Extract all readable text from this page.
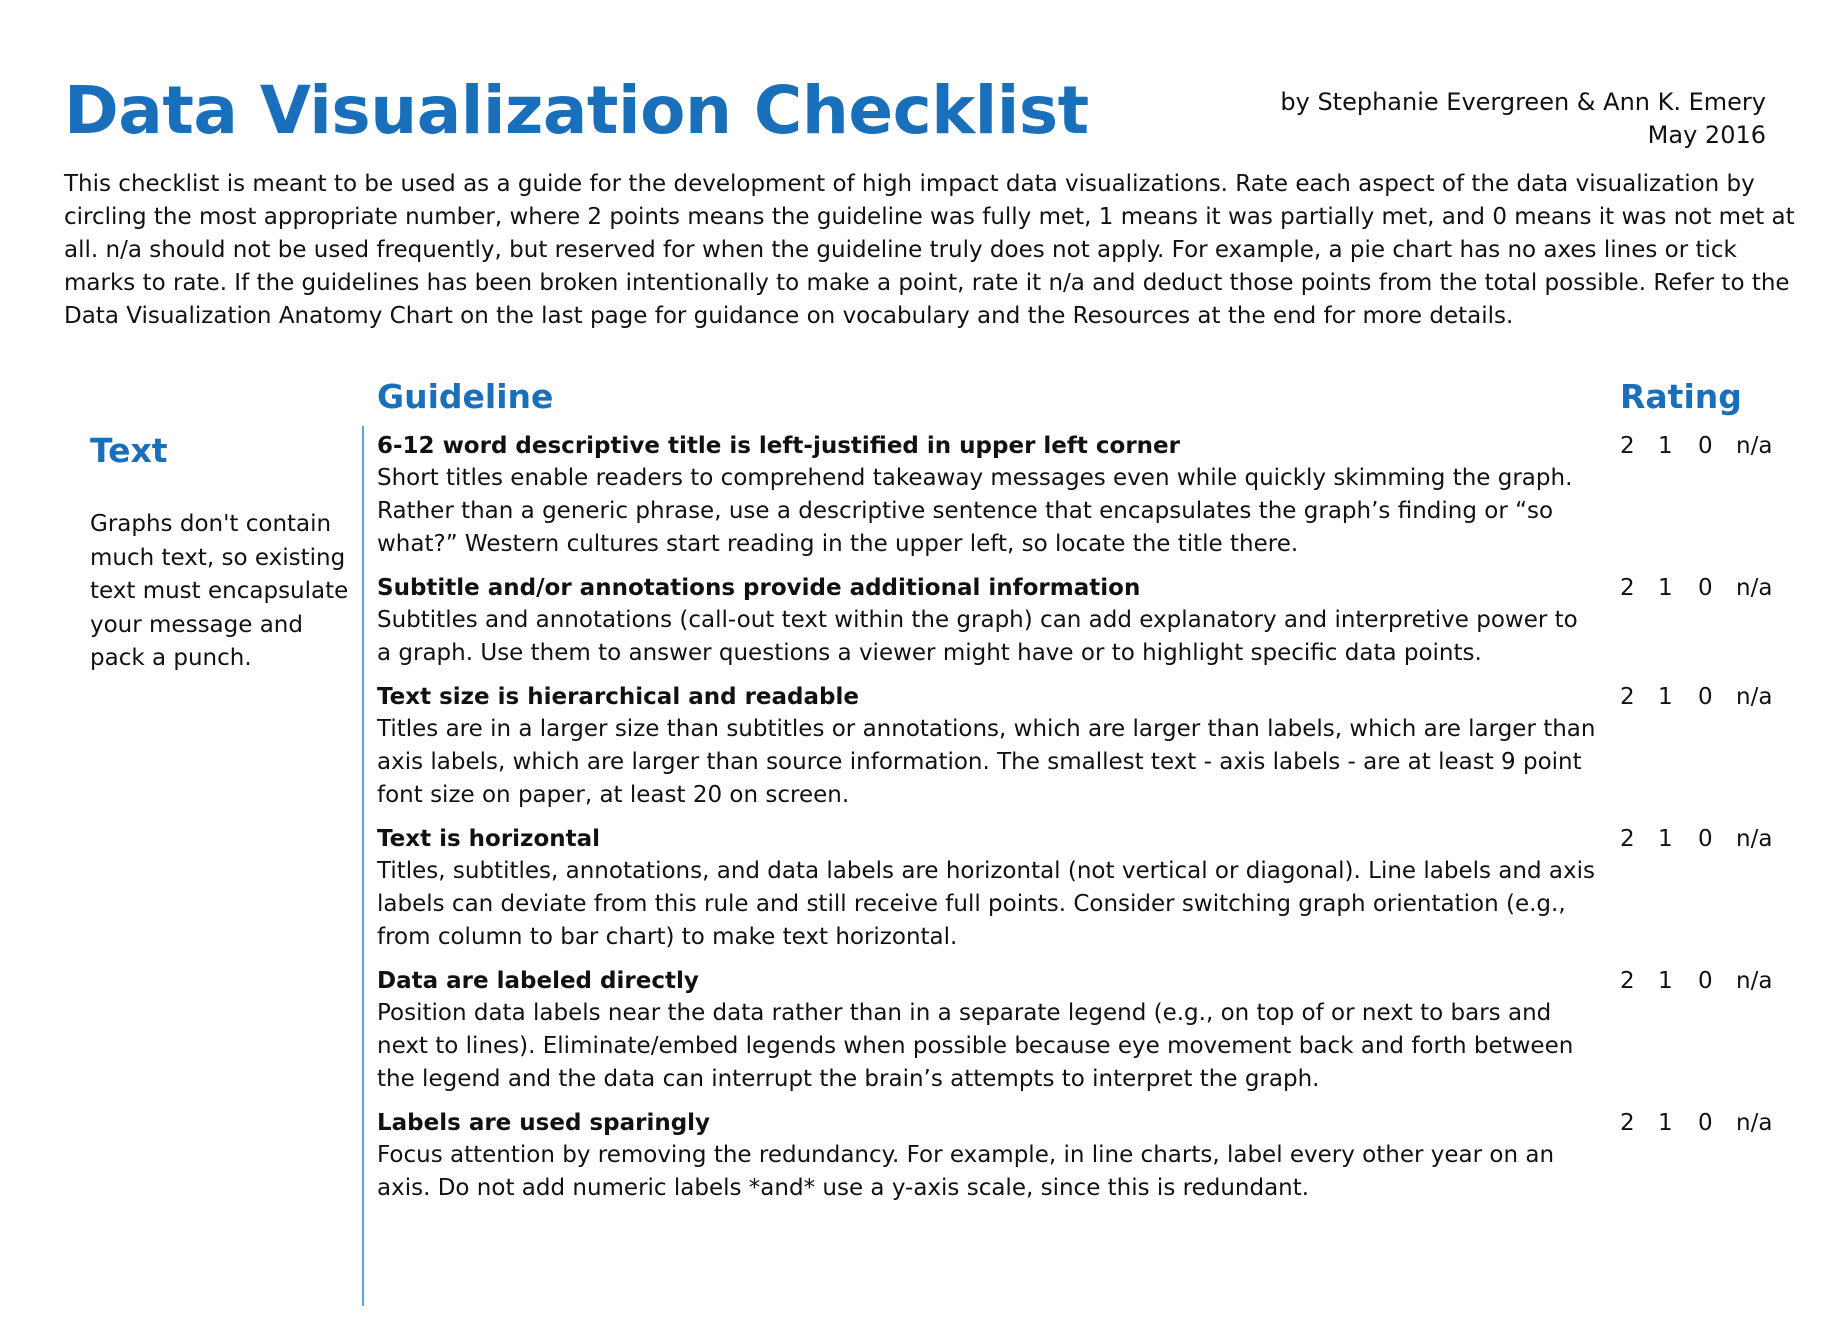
Data Visualization Checklist	by Stephanie Evergreen & Ann K. Emery
May 2016

This checklist is meant to be used as a guide for the development of high impact data visualizations. Rate each aspect of the data visualization by circling the most appropriate number, where 2 points means the guideline was fully met, 1 means it was partially met, and 0 means it was not met at all. n/a should not be used frequently, but reserved for when the guideline truly does not apply. For example, a pie chart has no axes lines or tick marks to rate. If the guidelines has been broken intentionally to make a point, rate it n/a and deduct those points from the total possible. Refer to the Data Visualization Anatomy Chart on the last page for guidance on vocabulary and the Resources at the end for more details.

Guideline	Rating
Text
Graphs don't contain much text, so existing text must encapsulate your message and pack a punch.
6-12 word descriptive title is left-justified in upper left corner
Short titles enable readers to comprehend takeaway messages even while quickly skimming the graph. Rather than a generic phrase, use a descriptive sentence that encapsulates the graph’s finding or “so what?” Western cultures start reading in the upper left, so locate the title there.
2	1	0	n/a
Subtitle and/or annotations provide additional information
Subtitles and annotations (call-out text within the graph) can add explanatory and interpretive power to a graph. Use them to answer questions a viewer might have or to highlight specific data points.
2	1	0	n/a
Text size is hierarchical and readable
Titles are in a larger size than subtitles or annotations, which are larger than labels, which are larger than axis labels, which are larger than source information. The smallest text - axis labels - are at least 9 point font size on paper, at least 20 on screen.
2	1	0	n/a
Text is horizontal
Titles, subtitles, annotations, and data labels are horizontal (not vertical or diagonal). Line labels and axis labels can deviate from this rule and still receive full points. Consider switching graph orientation (e.g., from column to bar chart) to make text horizontal.
2	1	0	n/a
Data are labeled directly
Position data labels near the data rather than in a separate legend (e.g., on top of or next to bars and next to lines). Eliminate/embed legends when possible because eye movement back and forth between the legend and the data can interrupt the brain’s attempts to interpret the graph.
2	1	0	n/a
Labels are used sparingly
Focus attention by removing the redundancy. For example, in line charts, label every other year on an axis. Do not add numeric labels *and* use a y-axis scale, since this is redundant.
2	1	0	n/a
